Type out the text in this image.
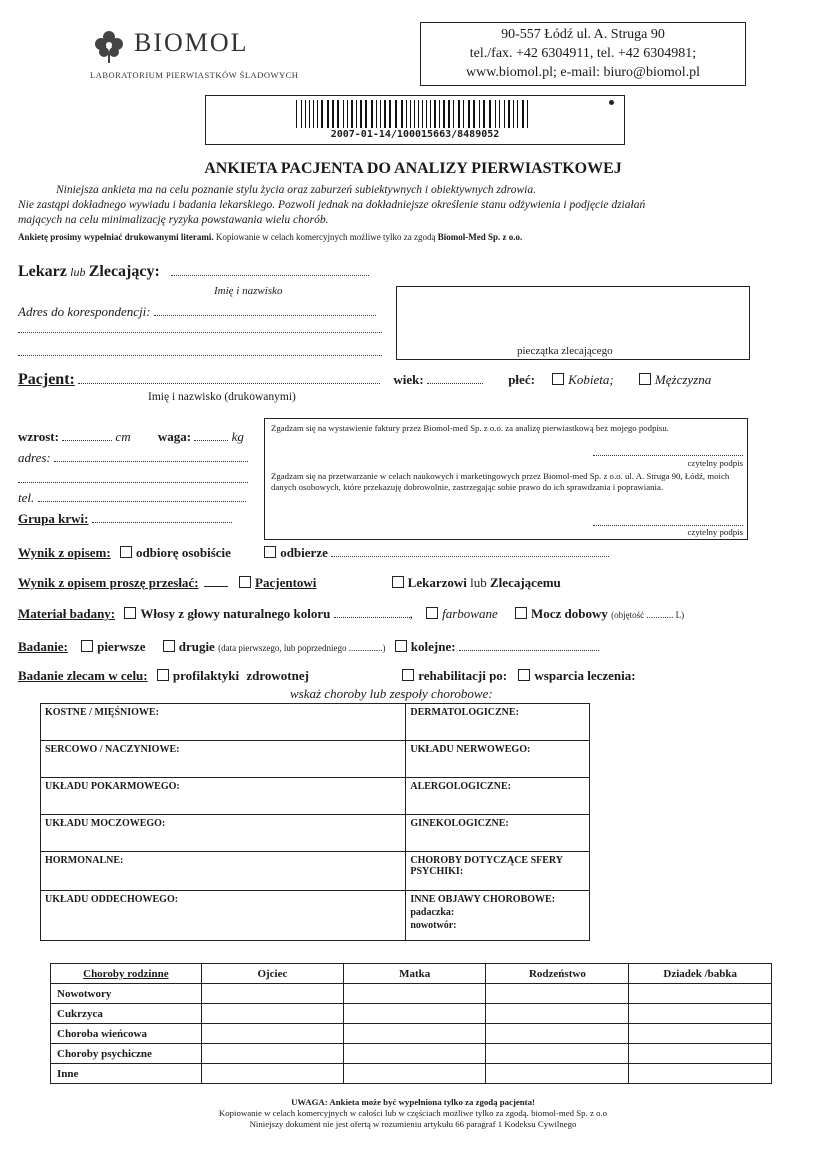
BIOMOL
LABORATORIUM PIERWIASTKÓW ŚLADOWYCH
90-557 Łódź ul. A. Struga 90
tel./fax. +42 6304911, tel. +42 6304981;
www.biomol.pl; e-mail: biuro@biomol.pl
2007-01-14/100015663/8489052
ANKIETA PACJENTA DO ANALIZY PIERWIASTKOWEJ
Niniejsza ankieta ma na celu poznanie stylu życia oraz zaburzeń subiektywnych i obiektywnych zdrowia.
Nie zastąpi dokładnego wywiadu i badania lekarskiego. Pozwoli jednak na dokładniejsze określenie stanu odżywienia i podjęcie działań
mających na celu minimalizację ryzyka powstawania wielu chorób.
Ankietę prosimy wypełniać drukowanymi literami. Kopiowanie w celach komercyjnych możliwe tylko za zgodą Biomol-Med Sp. z o.o.
Lekarz lub Zlecający:
Imię i nazwisko
Adres do korespondencji:
pieczątka zlecającego
Pacjent:	wiek:	płeć:	Kobieta;	Mężczyzna
Imię i nazwisko (drukowanymi)
wzrost:	cm waga:	kg
adres:
tel.
Grupa krwi:
Zgadzam się na wystawienie faktury przez Biomol-med Sp. z o.o. za analizę pierwiastkową bez mojego podpisu.
czytelny podpis
Zgadzam się na przetwarzanie w celach naukowych i marketingowych przez Biomol-med Sp. z o.o. ul. A. Struga 90, Łódź, moich danych osobowych, które przekazuję dobrowolnie, zastrzegając sobie prawo do ich sprawdzania i poprawiania.
czytelny podpis
Wynik z opisem: odbiorę osobiście	odbierze
Wynik z opisem proszę przesłać:	Pacjentowi	Lekarzowi lub Zlecającemu
Materiał badany: Włosy z głowy naturalnego koloru	, farbowane	Mocz dobowy (objętość ............ L)
Badanie: pierwsze	drugie (data pierwszego, lub poprzedniego ...............) kolejne:
Badanie zlecam w celu: profilaktyki zdrowotnej	rehabilitacji po: wsparcia leczenia:
wskaż choroby lub zespoły chorobowe:
KOSTNE / MIĘŚNIOWE:	DERMATOLOGICZNE:

SERCOWO / NACZYNIOWE:	UKŁADU NERWOWEGO:

UKŁADU POKARMOWEGO:	ALERGOLOGICZNE:

UKŁADU MOCZOWEGO:	GINEKOLOGICZNE:

HORMONALNE:	CHOROBY DOTYCZĄCE SFERY PSYCHIKI:

UKŁADU ODDECHOWEGO:	INNE OBJAWY CHOROBOWE:
padaczka:
nowotwór:
Choroby rodzinne	Ojciec	Matka	Rodzeństwo	Dziadek /babka
Nowotwory				
Cukrzyca				
Choroba wieńcowa				
Choroby psychiczne				
Inne				
UWAGA: Ankieta może być wypełniona tylko za zgodą pacjenta!
Kopiowanie w celach komercyjnych w całości lub w częściach możliwe tylko za zgodą. biomol-med Sp. z o.o
Niniejszy dokument nie jest ofertą w rozumieniu artykułu 66 paragraf 1 Kodeksu Cywilnego
